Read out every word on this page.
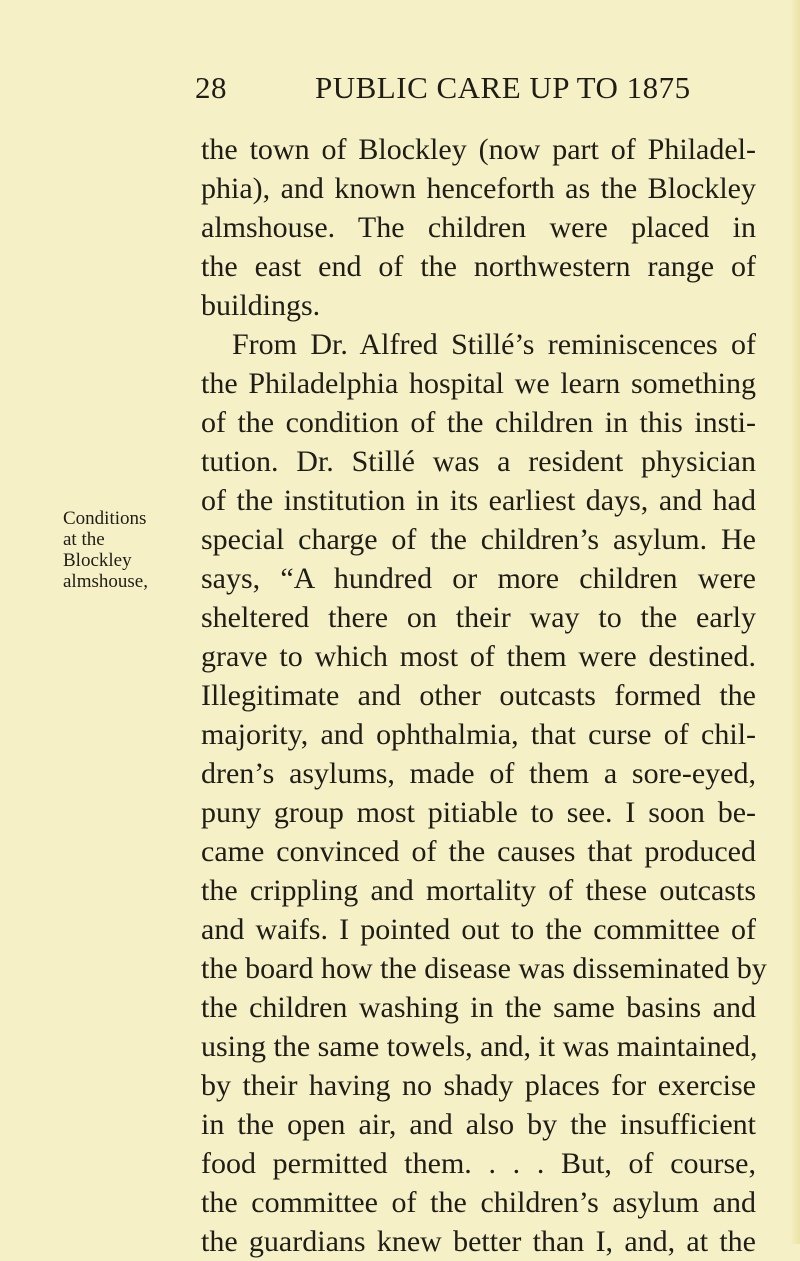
28	PUBLIC CARE UP TO 1875
Conditions
at the
Blockley
almshouse,
the town of Blockley (now part of Philadel-
phia), and known henceforth as the Blockley
almshouse. The children were placed in
the east end of the northwestern range of
buildings.
From Dr. Alfred Stillé’s reminiscences of
the Philadelphia hospital we learn something
of the condition of the children in this insti-
tution. Dr. Stillé was a resident physician
of the institution in its earliest days, and had
special charge of the children’s asylum. He
says, “A hundred or more children were
sheltered there on their way to the early
grave to which most of them were destined.
Illegitimate and other outcasts formed the
majority, and ophthalmia, that curse of chil-
dren’s asylums, made of them a sore-eyed,
puny group most pitiable to see. I soon be-
came convinced of the causes that produced
the crippling and mortality of these outcasts
and waifs. I pointed out to the committee of
the board how the disease was disseminated by
the children washing in the same basins and
using the same towels, and, it was maintained,
by their having no shady places for exercise
in the open air, and also by the insufficient
food permitted them. . . . But, of course,
the committee of the children’s asylum and
the guardians knew better than I, and, at the
